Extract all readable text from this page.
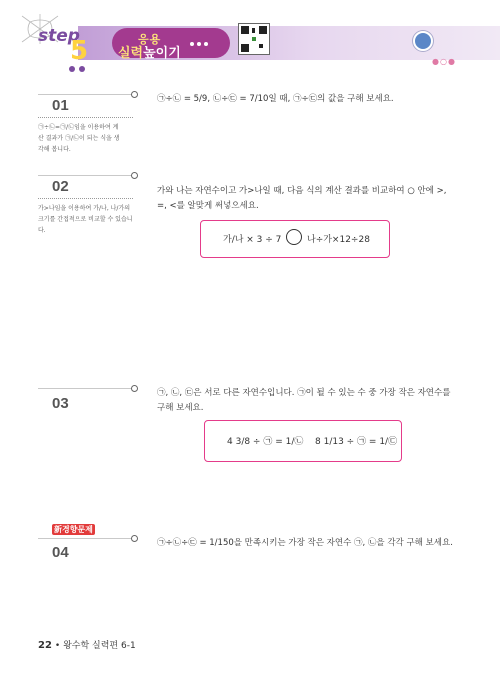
step
5	응용
실력높이기
●○●
01
㉠÷㉡=㉠/㉡임을 이용하여 계산 결과가 ㉠/㉡이 되는 식을 생각해 봅니다.
㉠÷㉡ = 5/9, ㉡÷㉢ = 7/10일 때, ㉠÷㉢의 값을 구해 보세요.
02
가>나임을 이용하여 가/나, 나/가의 크기를 간접적으로 비교할 수 있습니다.
가와 나는 자연수이고 가>나일 때, 다음 식의 계산 결과를 비교하여 ○ 안에 >,
=, <를 알맞게 써넣으세요.
가/나 × 3 ÷ 7	나÷가×12÷28
03
㉠, ㉡, ㉢은 서로 다른 자연수입니다. ㉠이 될 수 있는 수 중 가장 작은 자연수를
구해 보세요.
4 3/8 ÷ ㉠ = 1/㉡ 8 1/13 ÷ ㉠ = 1/㉢
新경향문제
04
㉠÷㉡÷㉢ = 1/150을 만족시키는 가장 작은 자연수 ㉠, ㉡을 각각 구해 보세요.
22 • 왕수학 실력편 6-1
